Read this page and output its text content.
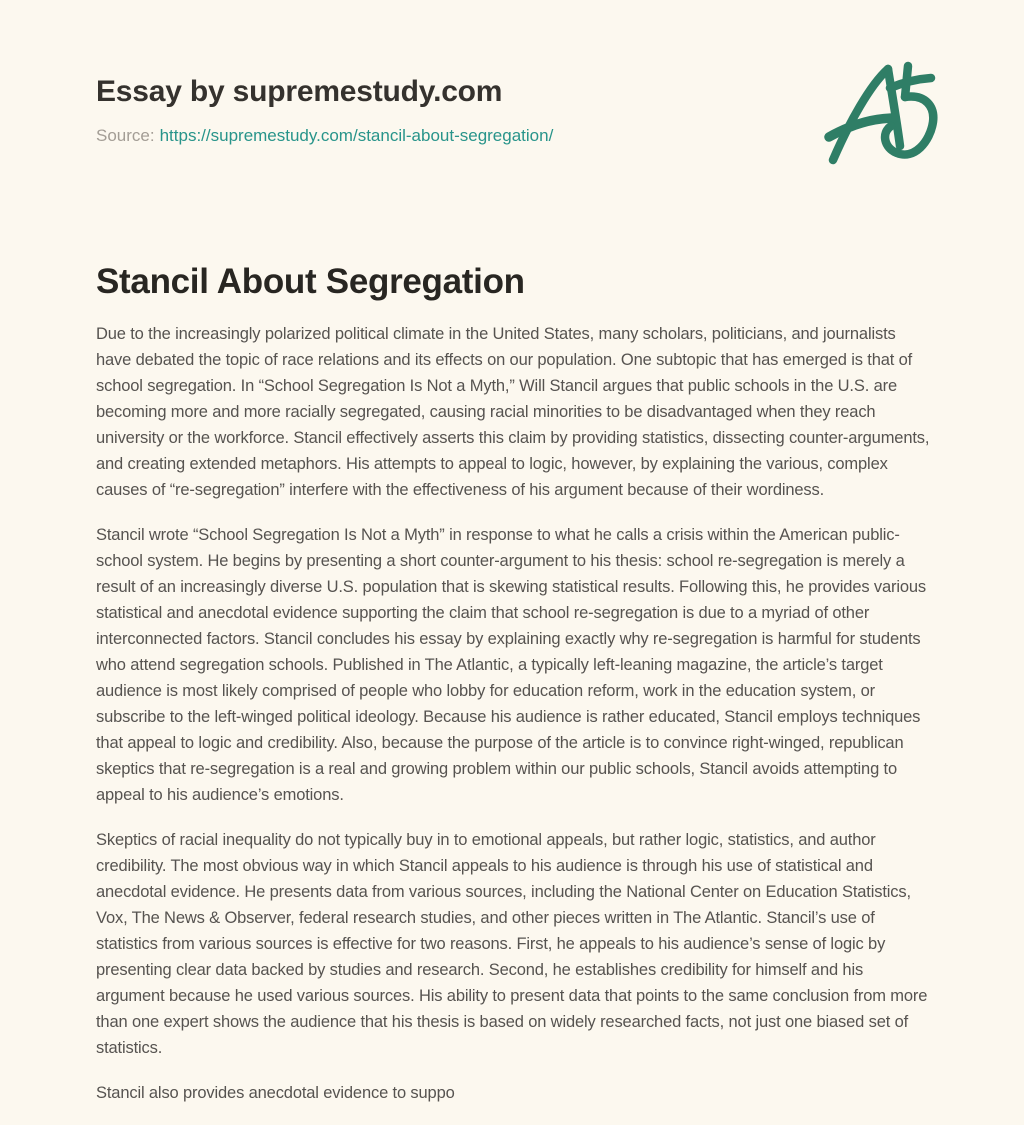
Essay by supremestudy.com

Source: https://supremestudy.com/stancil-about-segregation/

Stancil About Segregation

Due to the increasingly polarized political climate in the United States, many scholars, politicians, and journalists have debated the topic of race relations and its effects on our population. One subtopic that has emerged is that of school segregation. In “School Segregation Is Not a Myth,” Will Stancil argues that public schools in the U.S. are becoming more and more racially segregated, causing racial minorities to be disadvantaged when they reach university or the workforce. Stancil effectively asserts this claim by providing statistics, dissecting counter-arguments, and creating extended metaphors. His attempts to appeal to logic, however, by explaining the various, complex causes of “re-segregation” interfere with the effectiveness of his argument because of their wordiness.

Stancil wrote “School Segregation Is Not a Myth” in response to what he calls a crisis within the American public-school system. He begins by presenting a short counter-argument to his thesis: school re-segregation is merely a result of an increasingly diverse U.S. population that is skewing statistical results. Following this, he provides various statistical and anecdotal evidence supporting the claim that school re-segregation is due to a myriad of other interconnected factors. Stancil concludes his essay by explaining exactly why re-segregation is harmful for students who attend segregation schools. Published in The Atlantic, a typically left-leaning magazine, the article’s target audience is most likely comprised of people who lobby for education reform, work in the education system, or subscribe to the left-winged political ideology. Because his audience is rather educated, Stancil employs techniques that appeal to logic and credibility. Also, because the purpose of the article is to convince right-winged, republican skeptics that re-segregation is a real and growing problem within our public schools, Stancil avoids attempting to appeal to his audience’s emotions.

Skeptics of racial inequality do not typically buy in to emotional appeals, but rather logic, statistics, and author credibility. The most obvious way in which Stancil appeals to his audience is through his use of statistical and anecdotal evidence. He presents data from various sources, including the National Center on Education Statistics, Vox, The News & Observer, federal research studies, and other pieces written in The Atlantic. Stancil’s use of statistics from various sources is effective for two reasons. First, he appeals to his audience’s sense of logic by presenting clear data backed by studies and research. Second, he establishes credibility for himself and his argument because he used various sources. His ability to present data that points to the same conclusion from more than one expert shows the audience that his thesis is based on widely researched facts, not just one biased set of statistics.

Stancil also provides anecdotal evidence to suppo
